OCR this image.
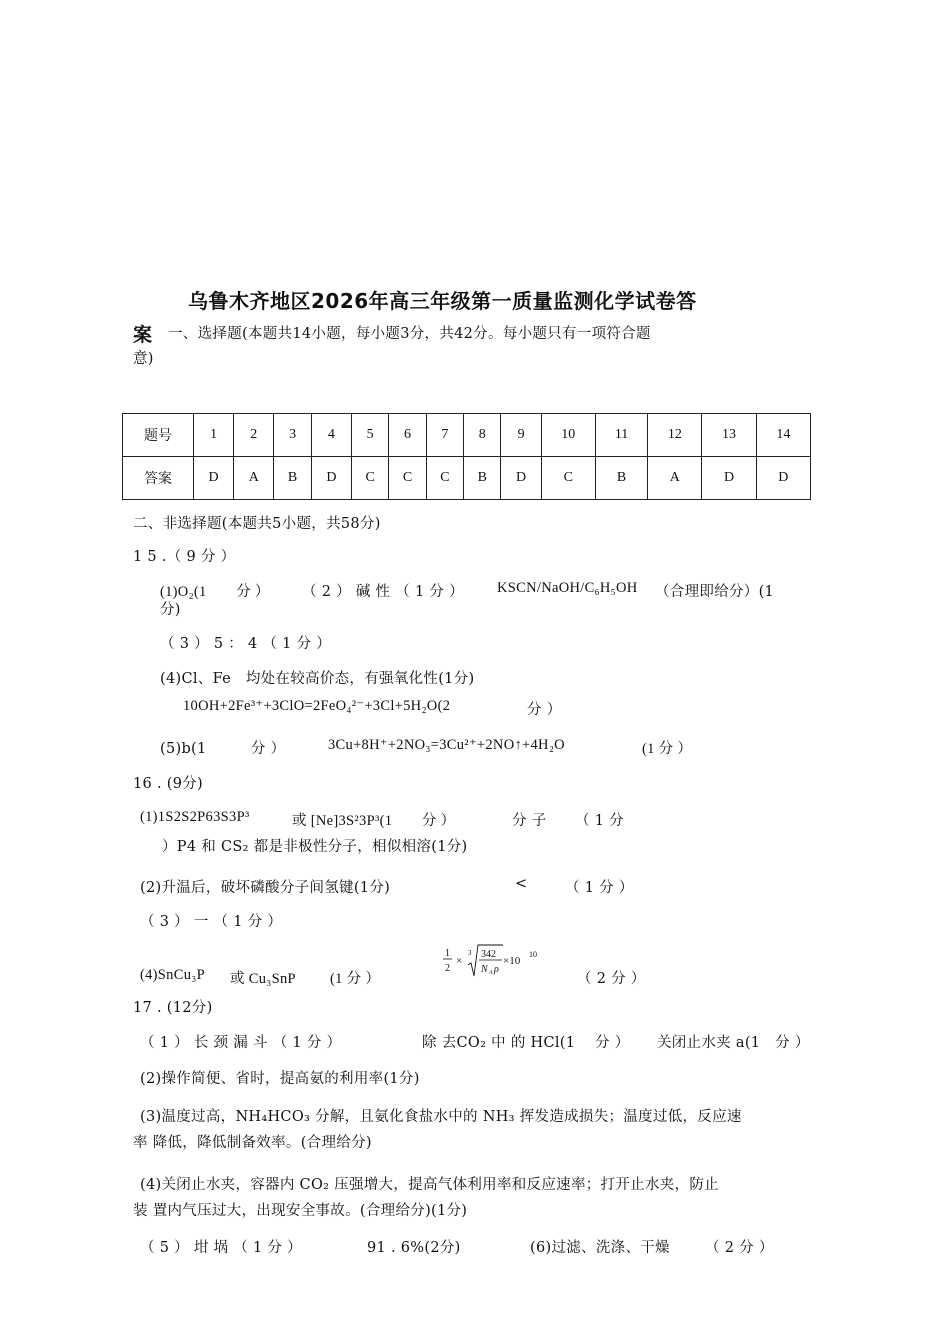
乌鲁木齐地区2026年高三年级第一质量监测化学试卷答
案 一、选择题(本题共14小题，每小题3分，共42分。每小题只有一项符合题
意)
题号	1	2	3	4	5	6	7	8	9	10	11	12	13	14
答案	D	A	B	D	C	C	C	B	D	C	B	A	D	D
二、非选择题(本题共5小题，共58分)
1 5 .（ 9 分 ）
(1)O₂(1　　分 ） （ 2 ） 碱 性 （ 1 分 ） KSCN/NaOH/C₆H₅OH （合理即给分）(1
分)
（ 3 ） 5 ： 4 （ 1 分 ）
(4)Cl、Fe　均处在较高价态，有强氧化性(1分)
10OH+2Fe³⁺+3ClO=2FeO₄²⁻+3Cl+5H₂O(2	分 ）
(5)b(1　　　分 ）	3Cu+8H⁺+2NO₃=3Cu²⁺+2NO↑+4H₂O	(1 分 ）
16 . (9分)
(1)1S2S2P63S3P³	或 [Ne]3S²3P³(1　　分 ）	分 子 （ 1 分
）P4 和 CS₂ 都是非极性分子，相似相溶(1分)
(2)升温后，破坏磷酸分子间氢键(1分)	<	（ 1 分 ）
（ 3 ） 一 （ 1 分 ）
(4)SnCu₃P 或 Cu₃SnP (1 分 ）
1
2
×
3 342
N A ρ
×10
10
（ 2 分 ）
17 . (12分)
（ 1 ） 长 颈 漏 斗 （ 1 分 ）	除 去CO₂ 中 的 HCl(1　 分 ） 关闭止水夹 a(1　分 ）
(2)操作简便、省时，提高氨的利用率(1分)
(3)温度过高，NH₄HCO₃ 分解，且氨化食盐水中的 NH₃ 挥发造成损失；温度过低，反应速
率 降低，降低制备效率。(合理给分)
(4)关闭止水夹，容器内 CO₂ 压强增大，提高气体利用率和反应速率；打开止水夹，防止
装 置内气压过大，出现安全事故。(合理给分)(1分)
（ 5 ） 坩 埚 （ 1 分 ）	91 . 6%(2分)	(6)过滤、洗涤、干燥 （ 2 分 ）
